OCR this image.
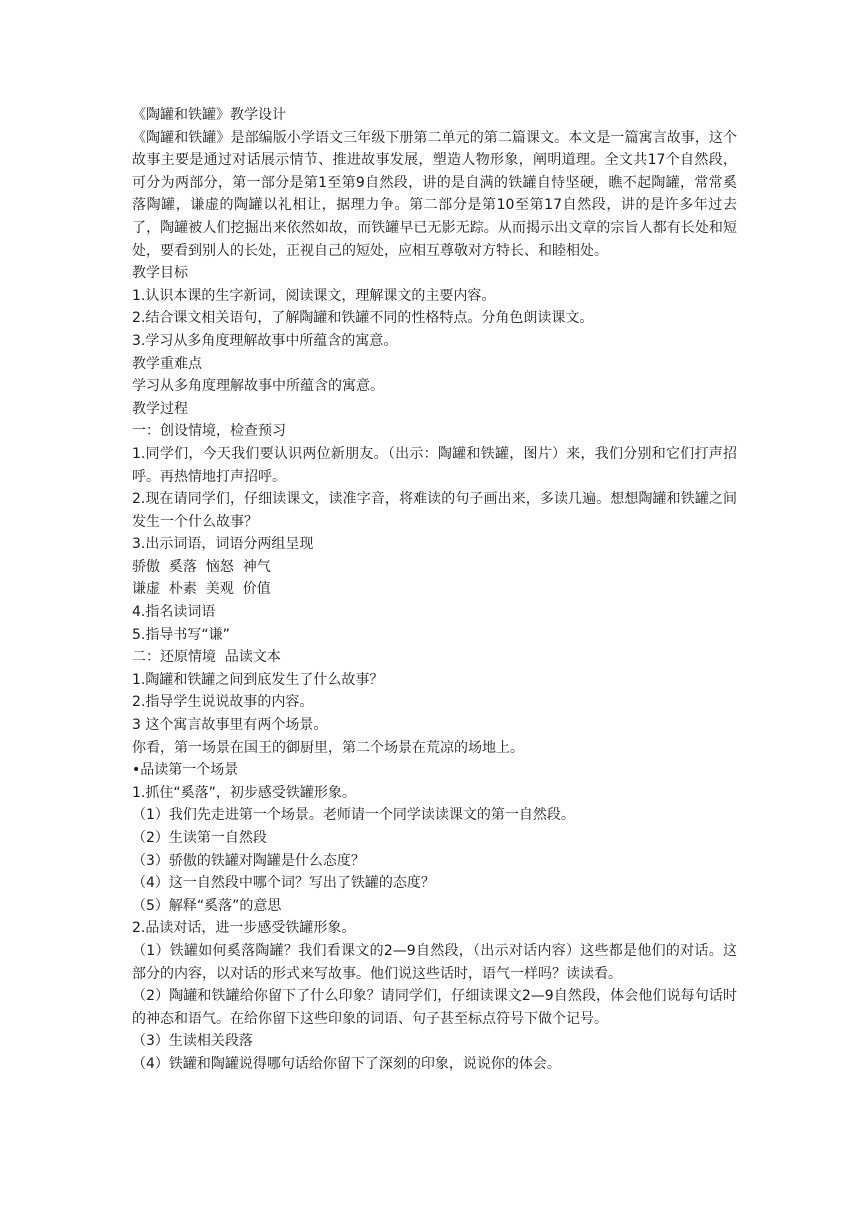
《陶罐和铁罐》教学设计

《陶罐和铁罐》是部编版小学语文三年级下册第二单元的第二篇课文。本文是一篇寓言故事，这个故事主要是通过对话展示情节、推进故事发展，塑造人物形象，阐明道理。全文共17个自然段，可分为两部分，第一部分是第1至第9自然段，讲的是自满的铁罐自恃坚硬，瞧不起陶罐，常常奚落陶罐，谦虚的陶罐以礼相让，据理力争。第二部分是第10至第17自然段，讲的是许多年过去了，陶罐被人们挖掘出来依然如故，而铁罐早已无影无踪。从而揭示出文章的宗旨人都有长处和短处，要看到别人的长处，正视自己的短处，应相互尊敬对方特长、和睦相处。

教学目标

1.认识本课的生字新词，阅读课文，理解课文的主要内容。

2.结合课文相关语句，了解陶罐和铁罐不同的性格特点。分角色朗读课文。

3.学习从多角度理解故事中所蕴含的寓意。

教学重难点

学习从多角度理解故事中所蕴含的寓意。

教学过程

一：创设情境，检查预习

1.同学们，今天我们要认识两位新朋友。（出示：陶罐和铁罐，图片）来，我们分别和它们打声招呼。再热情地打声招呼。

2.现在请同学们，仔细读课文，读准字音，将难读的句子画出来，多读几遍。想想陶罐和铁罐之间发生一个什么故事？

3.出示词语，词语分两组呈现

骄傲  奚落  恼怒  神气

谦虚  朴素  美观  价值

4.指名读词语

5.指导书写“谦”

二：还原情境  品读文本

1.陶罐和铁罐之间到底发生了什么故事？

2.指导学生说说故事的内容。

3 这个寓言故事里有两个场景。

你看，第一场景在国王的御厨里，第二个场景在荒凉的场地上。

•品读第一个场景

1.抓住“奚落”，初步感受铁罐形象。

（1）我们先走进第一个场景。老师请一个同学读读课文的第一自然段。

（2）生读第一自然段

（3）骄傲的铁罐对陶罐是什么态度？

（4）这一自然段中哪个词？写出了铁罐的态度？

（5）解释“奚落”的意思

2.品读对话，进一步感受铁罐形象。

（1）铁罐如何奚落陶罐？我们看课文的2—9自然段，（出示对话内容）这些都是他们的对话。这部分的内容，以对话的形式来写故事。他们说这些话时，语气一样吗？读读看。

（2）陶罐和铁罐给你留下了什么印象？请同学们，仔细读课文2—9自然段，体会他们说每句话时的神态和语气。在给你留下这些印象的词语、句子甚至标点符号下做个记号。

（3）生读相关段落

（4）铁罐和陶罐说得哪句话给你留下了深刻的印象，说说你的体会。
